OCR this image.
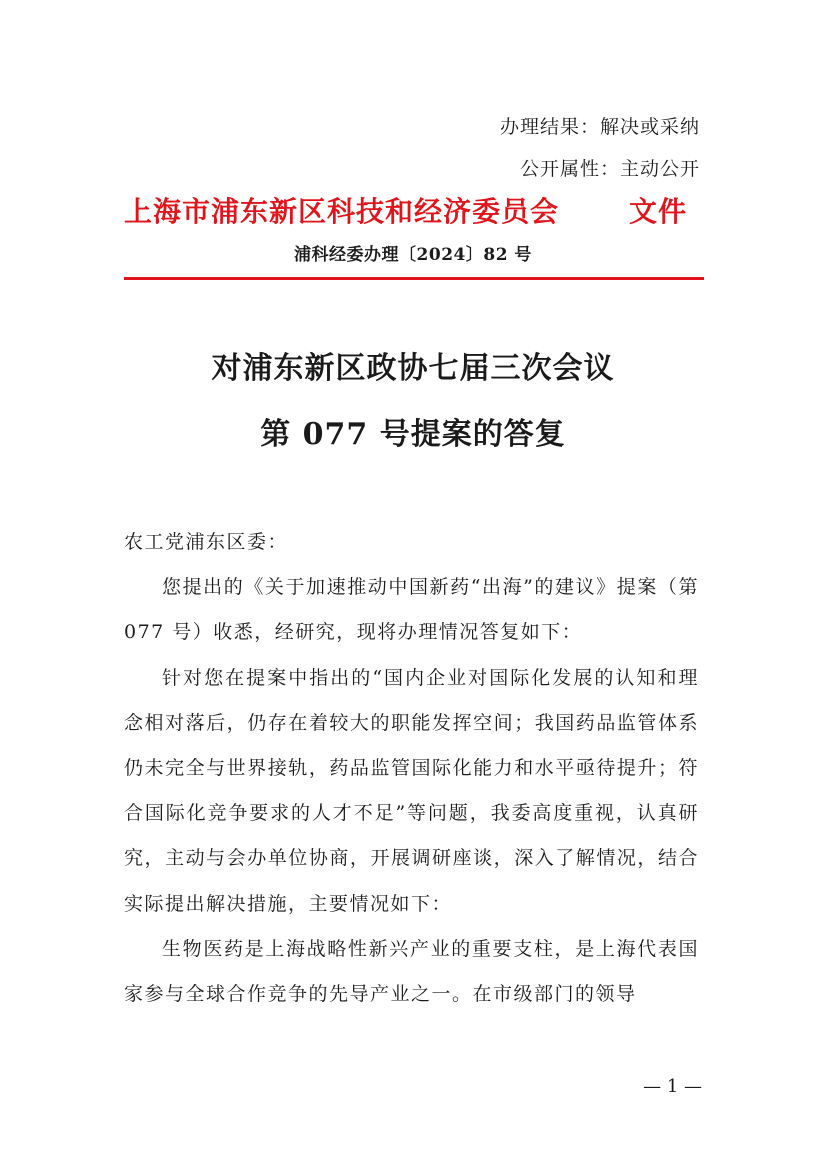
办理结果：解决或采纳
公开属性：主动公开
上海市浦东新区科技和经济委员会 文件
浦科经委办理〔2024〕82 号
对浦东新区政协七届三次会议
第 077 号提案的答复

农工党浦东区委：

您提出的《关于加速推动中国新药“出海”的建议》提案（第 077 号）收悉，经研究，现将办理情况答复如下：

针对您在提案中指出的“国内企业对国际化发展的认知和理念相对落后，仍存在着较大的职能发挥空间；我国药品监管体系仍未完全与世界接轨，药品监管国际化能力和水平亟待提升；符合国际化竞争要求的人才不足”等问题，我委高度重视，认真研究，主动与会办单位协商，开展调研座谈，深入了解情况，结合实际提出解决措施，主要情况如下：

生物医药是上海战略性新兴产业的重要支柱，是上海代表国家参与全球合作竞争的先导产业之一。在市级部门的领导

— 1 —
